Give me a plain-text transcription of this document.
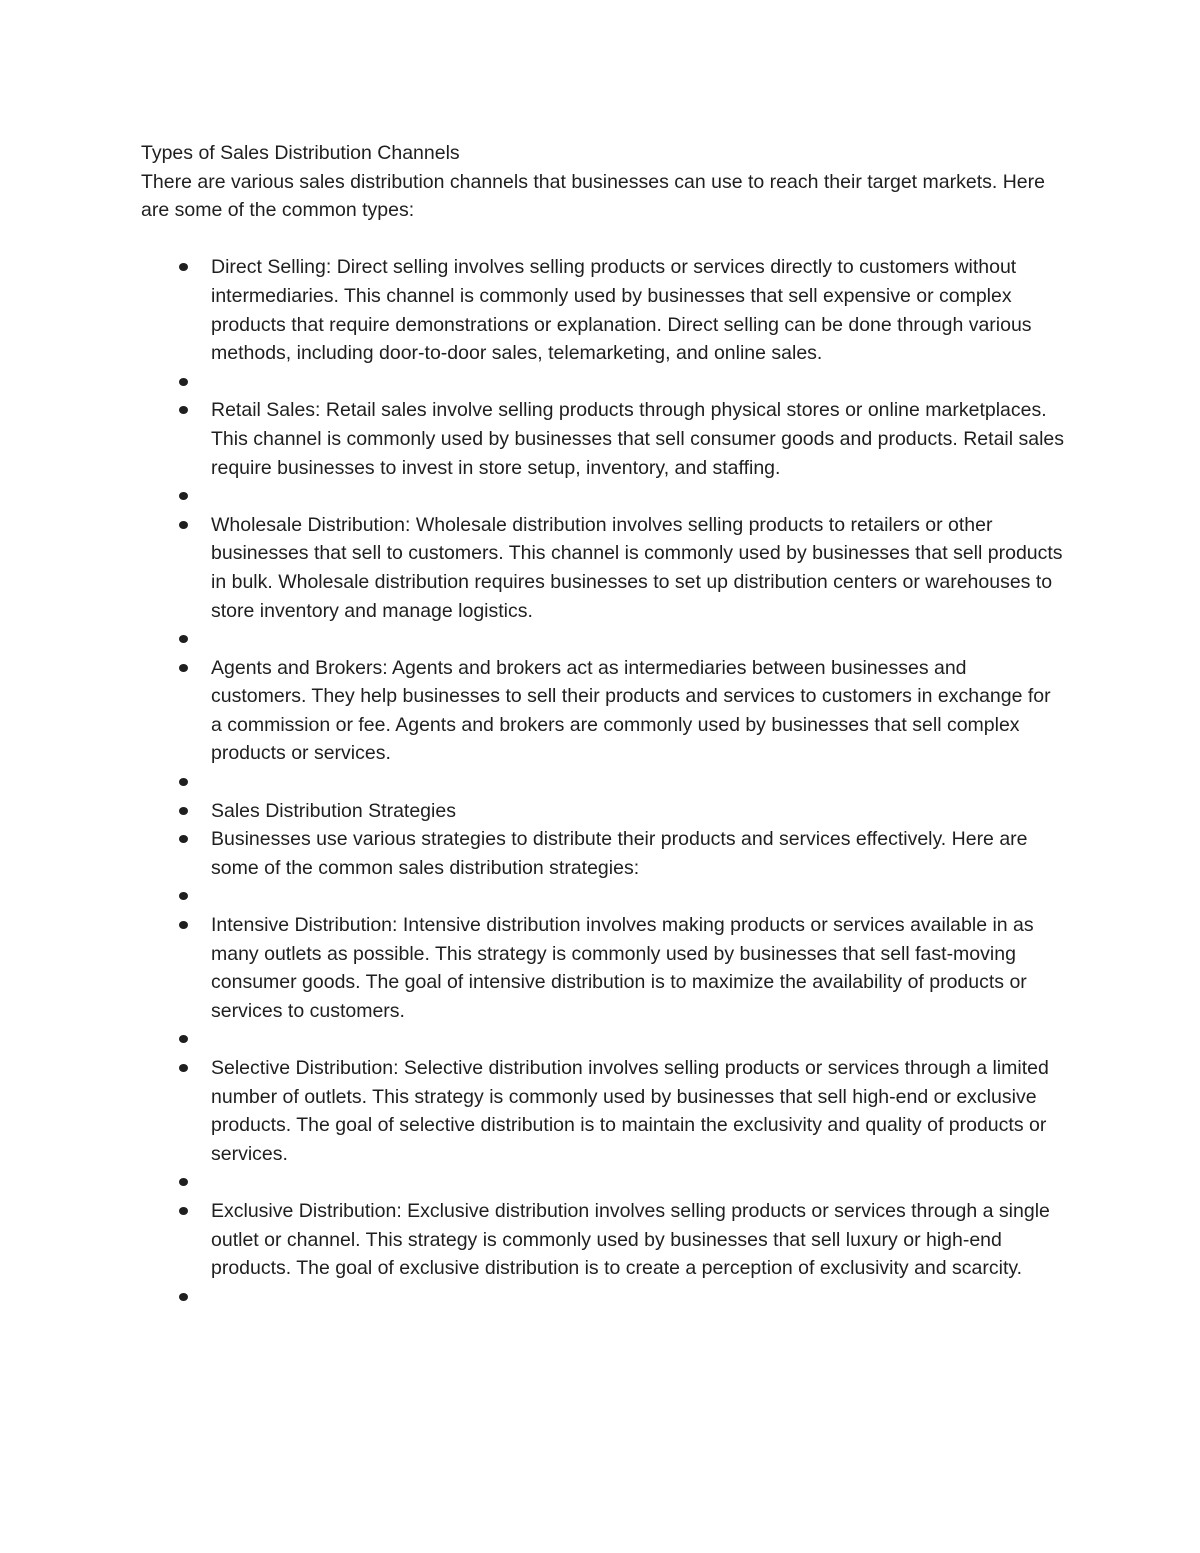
Types of Sales Distribution Channels

There are various sales distribution channels that businesses can use to reach their target markets. Here are some of the common types:

Direct Selling: Direct selling involves selling products or services directly to customers without intermediaries. This channel is commonly used by businesses that sell expensive or complex products that require demonstrations or explanation. Direct selling can be done through various methods, including door-to-door sales, telemarketing, and online sales.
Retail Sales: Retail sales involve selling products through physical stores or online marketplaces. This channel is commonly used by businesses that sell consumer goods and products. Retail sales require businesses to invest in store setup, inventory, and staffing.
Wholesale Distribution: Wholesale distribution involves selling products to retailers or other businesses that sell to customers. This channel is commonly used by businesses that sell products in bulk. Wholesale distribution requires businesses to set up distribution centers or warehouses to store inventory and manage logistics.
Agents and Brokers: Agents and brokers act as intermediaries between businesses and customers. They help businesses to sell their products and services to customers in exchange for a commission or fee. Agents and brokers are commonly used by businesses that sell complex products or services.
Sales Distribution Strategies
Businesses use various strategies to distribute their products and services effectively. Here are some of the common sales distribution strategies:
Intensive Distribution: Intensive distribution involves making products or services available in as many outlets as possible. This strategy is commonly used by businesses that sell fast-moving consumer goods. The goal of intensive distribution is to maximize the availability of products or services to customers.
Selective Distribution: Selective distribution involves selling products or services through a limited number of outlets. This strategy is commonly used by businesses that sell high-end or exclusive products. The goal of selective distribution is to maintain the exclusivity and quality of products or services.
Exclusive Distribution: Exclusive distribution involves selling products or services through a single outlet or channel. This strategy is commonly used by businesses that sell luxury or high-end products. The goal of exclusive distribution is to create a perception of exclusivity and scarcity.
